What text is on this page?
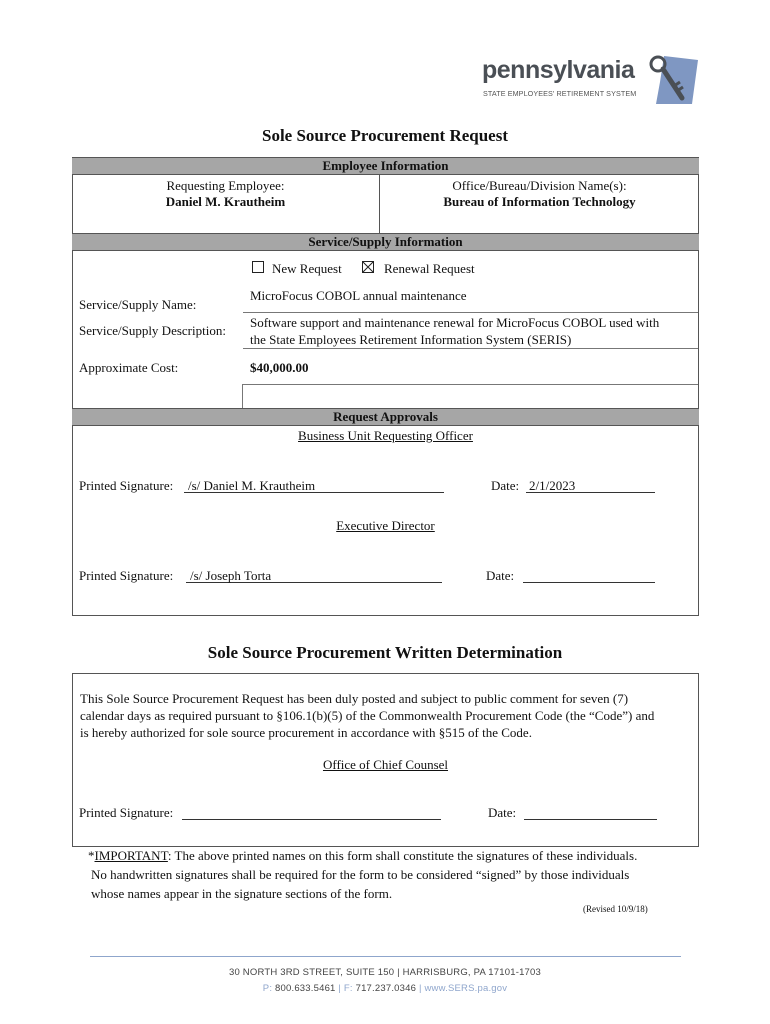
pennsylvania
STATE EMPLOYEES' RETIREMENT SYSTEM
Sole Source Procurement Request
Employee Information
Requesting Employee:
Daniel M. Krautheim
Office/Bureau/Division Name(s):
Bureau of Information Technology
Service/Supply Information
New Request	Renewal Request
Service/Supply Name:
MicroFocus COBOL annual maintenance
Service/Supply Description:
Software support and maintenance renewal for MicroFocus COBOL used with
the State Employees Retirement Information System (SERIS)
Approximate Cost:	$40,000.00
Request Approvals
Business Unit Requesting Officer
Printed Signature: /s/ Daniel M. Krautheim	Date: 2/1/2023
Executive Director
Printed Signature: /s/ Joseph Torta	Date:
Sole Source Procurement Written Determination
This Sole Source Procurement Request has been duly posted and subject to public comment for seven (7)
calendar days as required pursuant to §106.1(b)(5) of the Commonwealth Procurement Code (the “Code”) and
is hereby authorized for sole source procurement in accordance with §515 of the Code.
Office of Chief Counsel
Printed Signature:	Date:
*IMPORTANT: The above printed names on this form shall constitute the signatures of these individuals.
No handwritten signatures shall be required for the form to be considered “signed” by those individuals
whose names appear in the signature sections of the form.
(Revised 10/9/18)
30 NORTH 3RD STREET, SUITE 150 | HARRISBURG, PA 17101-1703
P: 800.633.5461 | F: 717.237.0346 | www.SERS.pa.gov
